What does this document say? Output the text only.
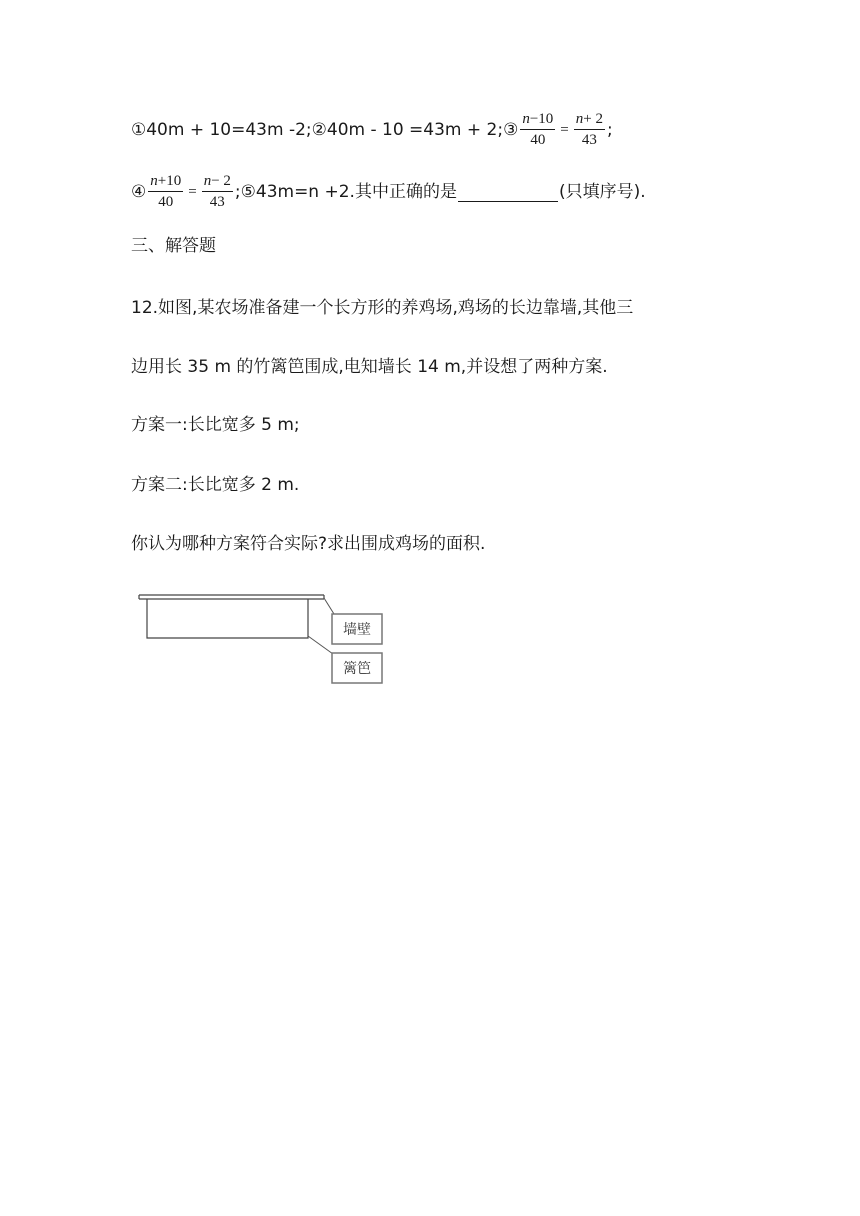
①40m + 10=43m -2;②40m - 10 =43m + 2;③ $\frac{n-10}{40} = \frac{n+ 2}{43}$ ;
④ $\frac{n+10}{40} = \frac{n- 2}{43}$ ;⑤43m=n +2.其中正确的是	(只填序号).
三、解答题
12.如图,某农场准备建一个长方形的养鸡场,鸡场的长边靠墙,其他三
边用长 35 m 的竹篱笆围成,电知墙长 14 m,并设想了两种方案.
方案一:长比宽多 5 m;
方案二:长比宽多 2 m.
你认为哪种方案符合实际?求出围成鸡场的面积.
墙壁
篱笆
